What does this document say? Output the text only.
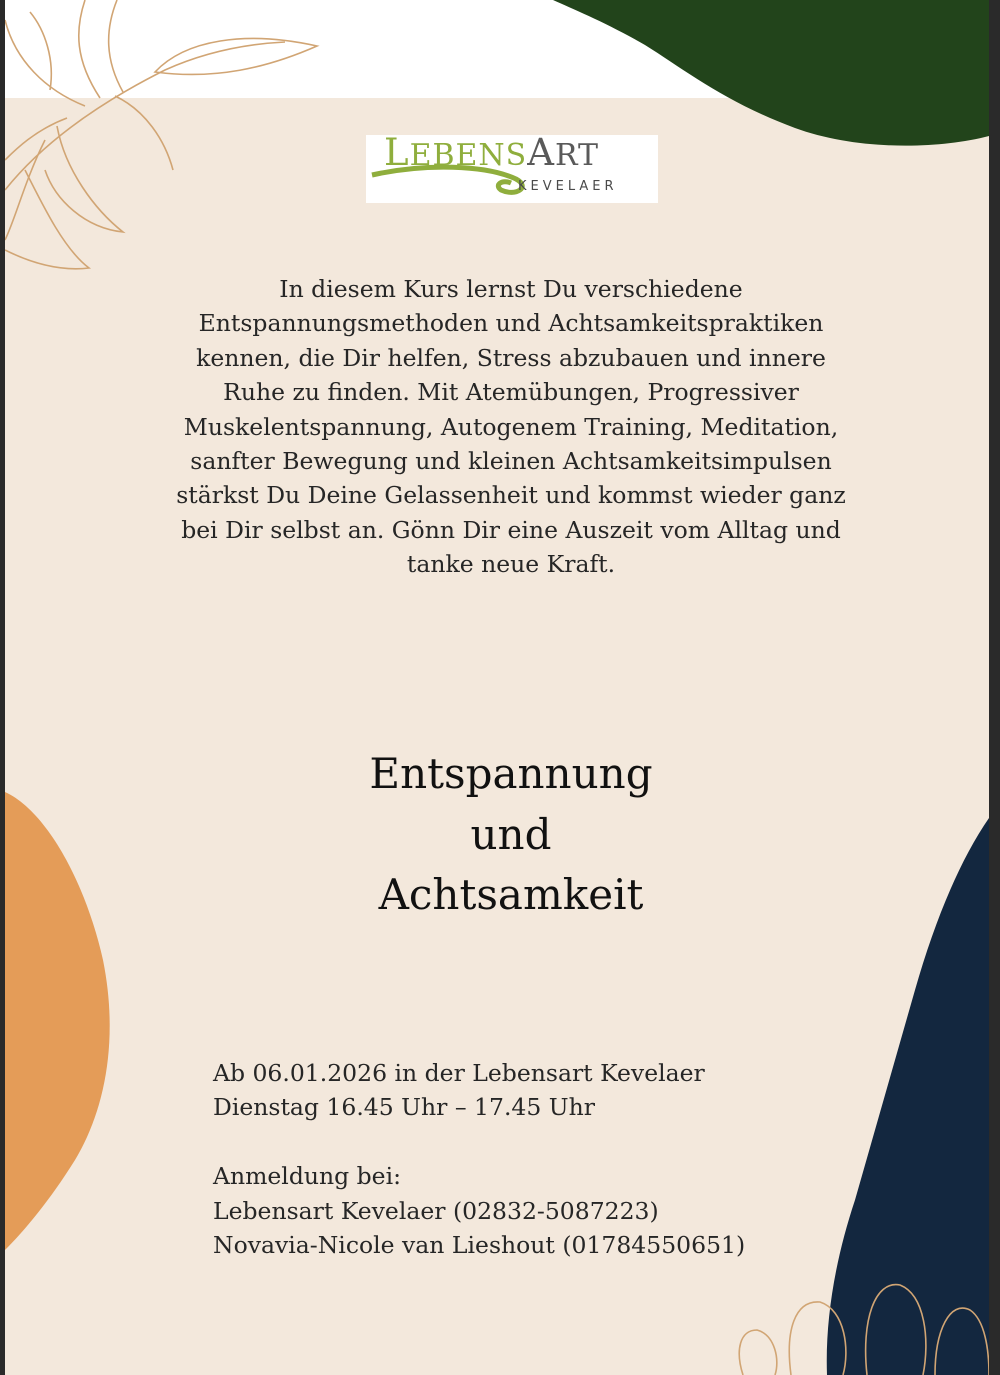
LEBENSART
KEVELAER

In diesem Kurs lernst Du verschiedene Entspannungsmethoden und Achtsamkeitspraktiken kennen, die Dir helfen, Stress abzubauen und innere Ruhe zu finden. Mit Atemübungen, Progressiver Muskelentspannung, Autogenem Training, Meditation, sanfter Bewegung und kleinen Achtsamkeitsimpulsen stärkst Du Deine Gelassenheit und kommst wieder ganz bei Dir selbst an. Gönn Dir eine Auszeit vom Alltag und tanke neue Kraft.

Entspannung
und
Achtsamkeit
Ab 06.01.2026 in der Lebensart Kevelaer
Dienstag 16.45 Uhr – 17.45 Uhr
Anmeldung bei:
Lebensart Kevelaer (02832-5087223)
Novavia-Nicole van Lieshout (01784550651)
